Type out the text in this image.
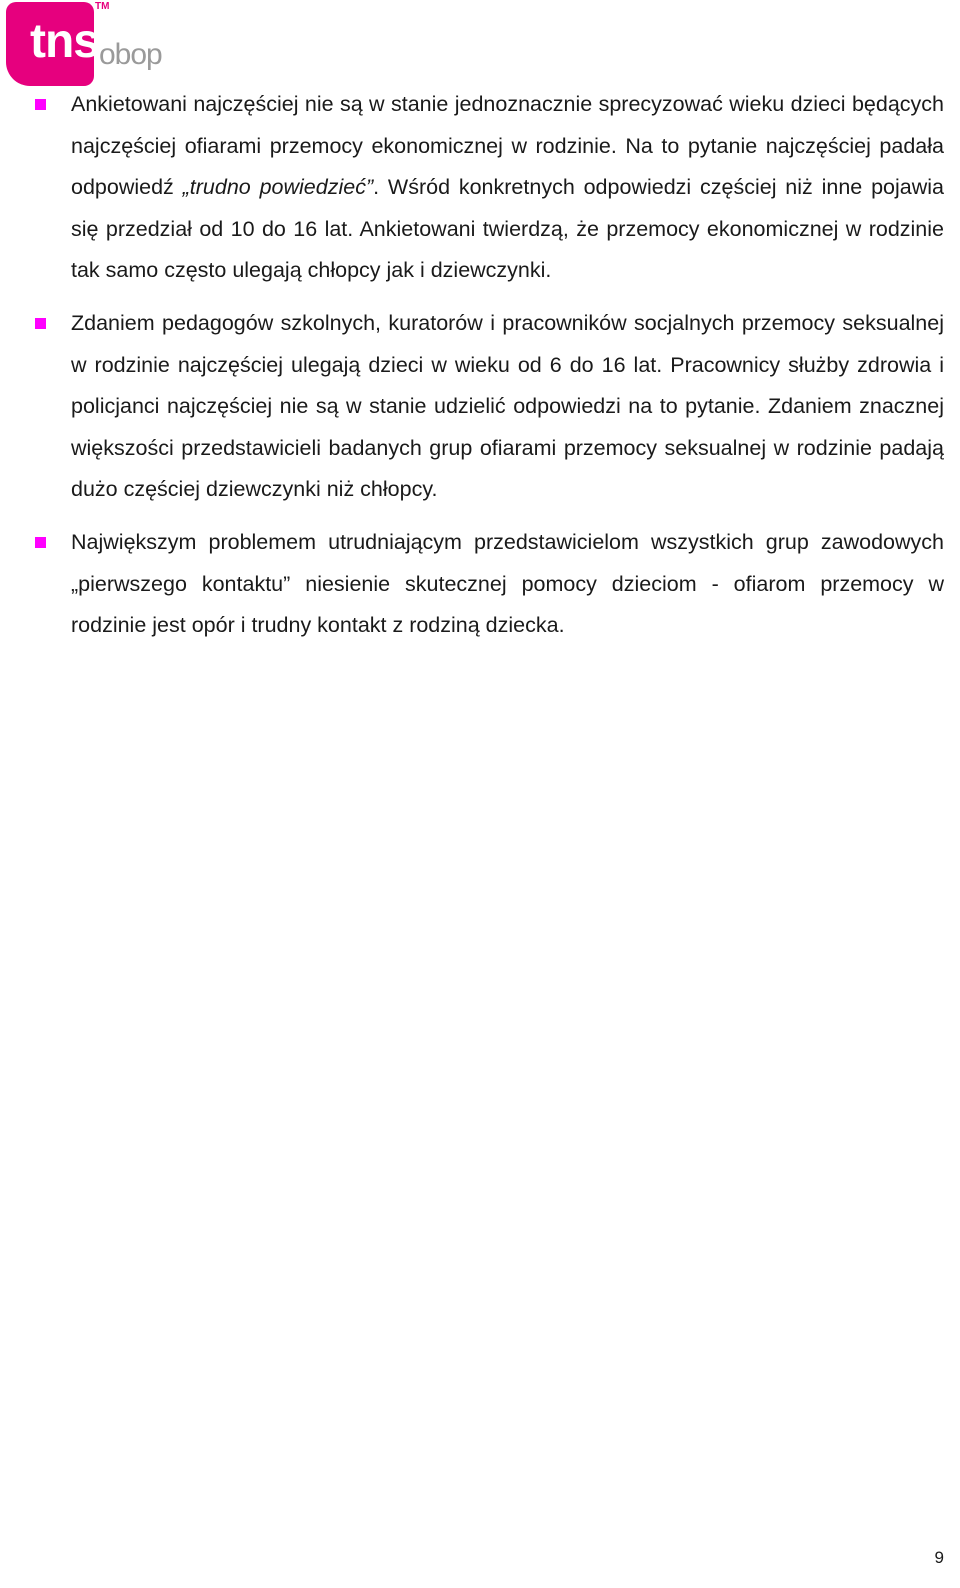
tns
TM
obop
Ankietowani najczęściej nie są w stanie jednoznacznie sprecyzować wieku dzieci będących najczęściej ofiarami przemocy ekonomicznej w rodzinie. Na to pytanie najczęściej padała odpowiedź „trudno powiedzieć”. Wśród konkretnych odpowiedzi częściej niż inne pojawia się przedział od 10 do 16 lat. Ankietowani twierdzą, że przemocy ekonomicznej w rodzinie tak samo często ulegają chłopcy jak i dziewczynki.
Zdaniem pedagogów szkolnych, kuratorów i pracowników socjalnych przemocy seksualnej w rodzinie najczęściej ulegają dzieci w wieku od 6 do 16 lat. Pracownicy służby zdrowia i policjanci najczęściej nie są w stanie udzielić odpowiedzi na to pytanie. Zdaniem znacznej większości przedstawicieli badanych grup ofiarami przemocy seksualnej w rodzinie padają dużo częściej dziewczynki niż chłopcy.
Największym problemem utrudniającym przedstawicielom wszystkich grup zawodowych „pierwszego kontaktu” niesienie skutecznej pomocy dzieciom - ofiarom przemocy w rodzinie jest opór i trudny kontakt z rodziną dziecka.
9
